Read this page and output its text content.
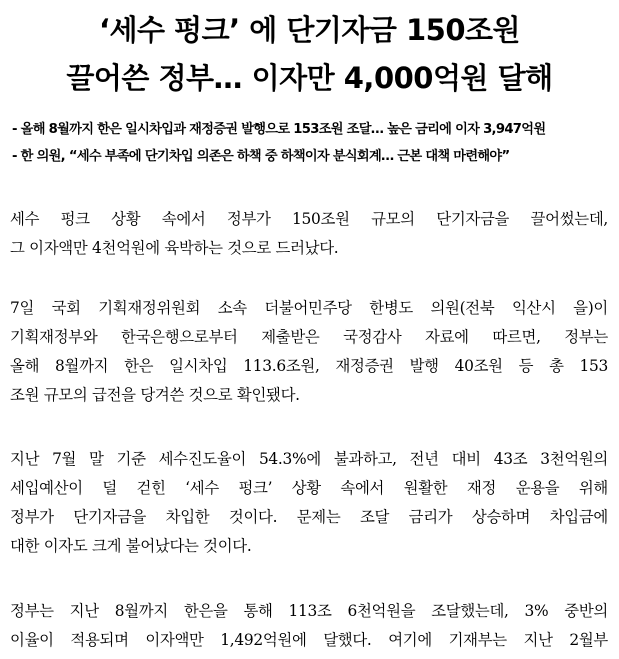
‘세수 펑크’ 에 단기자금 150조원
끌어쓴 정부… 이자만 4,000억원 달해
- 올해 8월까지 한은 일시차입과 재정증권 발행으로 153조원 조달… 높은 금리에 이자 3,947억원
- 한 의원, “세수 부족에 단기차입 의존은 하책 중 하책이자 분식회계… 근본 대책 마련해야”
세수 펑크 상황 속에서 정부가 150조원 규모의 단기자금을 끌어썼는데,
그 이자액만 4천억원에 육박하는 것으로 드러났다.
7일 국회 기획재정위원회 소속 더불어민주당 한병도 의원(전북 익산시 을)이
기획재정부와 한국은행으로부터 제출받은 국정감사 자료에 따르면, 정부는
올해 8월까지 한은 일시차입 113.6조원, 재정증권 발행 40조원 등 총 153
조원 규모의 급전을 당겨쓴 것으로 확인됐다.
지난 7월 말 기준 세수진도율이 54.3%에 불과하고, 전년 대비 43조 3천억원의
세입예산이 덜 걷힌 ‘세수 펑크’ 상황 속에서 원활한 재정 운용을 위해
정부가 단기자금을 차입한 것이다. 문제는 조달 금리가 상승하며 차입금에
대한 이자도 크게 불어났다는 것이다.
정부는 지난 8월까지 한은을 통해 113조 6천억원을 조달했는데, 3% 중반의
이율이 적용되며 이자액만 1,492억원에 달했다. 여기에 기재부는 지난 2월부
